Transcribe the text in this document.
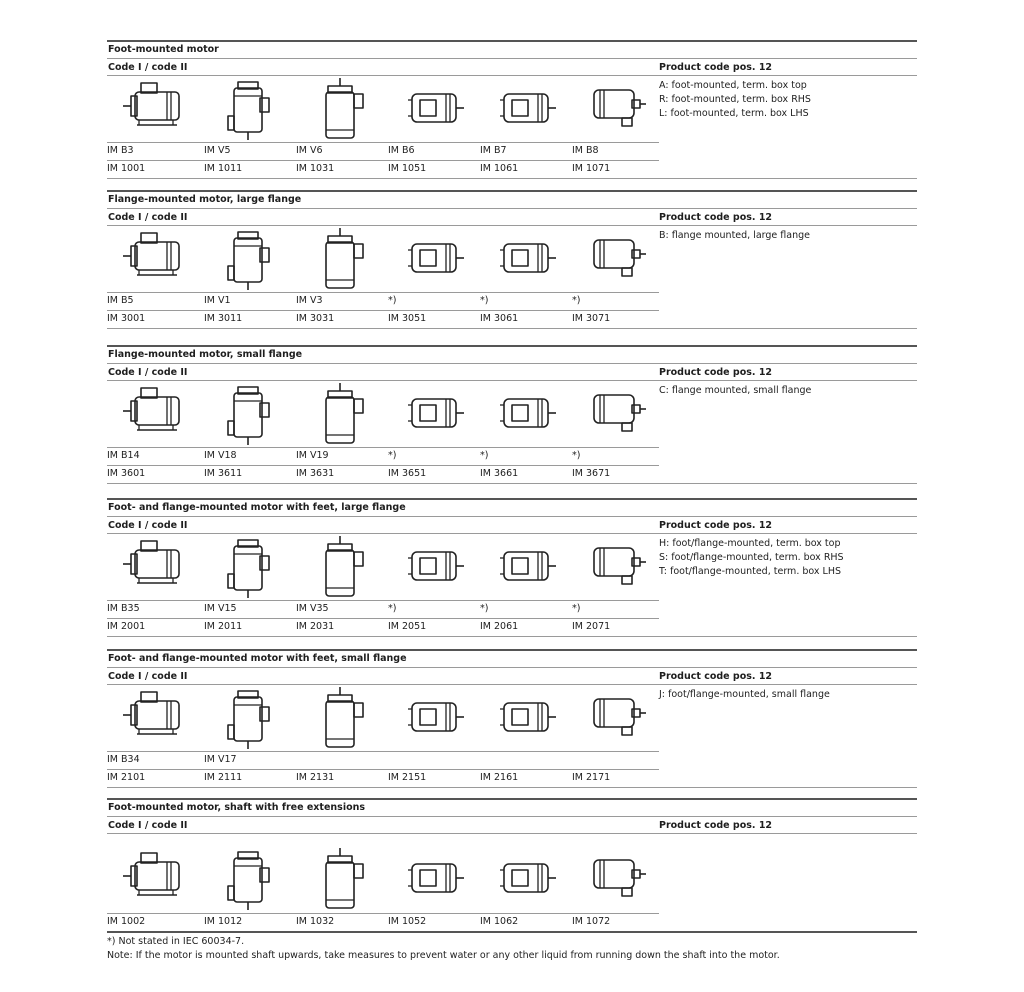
Foot-mounted motor
Code I / code II	Product code pos. 12
A: foot-mounted, term. box top
R: foot-mounted, term. box RHS
L: foot-mounted, term. box LHS
IM B3	IM V5	IM V6	IM B6	IM B7	IM B8
IM 1001	IM 1011	IM 1031	IM 1051	IM 1061	IM 1071
Flange-mounted motor, large flange
Code I / code II	Product code pos. 12
B: flange mounted, large flange
IM B5	IM V1	IM V3	*)	*)	*)
IM 3001	IM 3011	IM 3031	IM 3051	IM 3061	IM 3071
Flange-mounted motor, small flange
Code I / code II	Product code pos. 12
C: flange mounted, small flange
IM B14	IM V18	IM V19	*)	*)	*)
IM 3601	IM 3611	IM 3631	IM 3651	IM 3661	IM 3671
Foot- and flange-mounted motor with feet, large flange
Code I / code II	Product code pos. 12
H: foot/flange-mounted, term. box top
S: foot/flange-mounted, term. box RHS
T: foot/flange-mounted, term. box LHS
IM B35	IM V15	IM V35	*)	*)	*)
IM 2001	IM 2011	IM 2031	IM 2051	IM 2061	IM 2071
Foot- and flange-mounted motor with feet, small flange
Code I / code II	Product code pos. 12
J: foot/flange-mounted, small flange
IM B34	IM V17
IM 2101	IM 2111	IM 2131	IM 2151	IM 2161	IM 2171
Foot-mounted motor, shaft with free extensions
Code I / code II	Product code pos. 12
IM 1002	IM 1012	IM 1032	IM 1052	IM 1062	IM 1072
*) Not stated in IEC 60034-7.
Note: If the motor is mounted shaft upwards, take measures to prevent water or any other liquid from running down the shaft into the motor.
